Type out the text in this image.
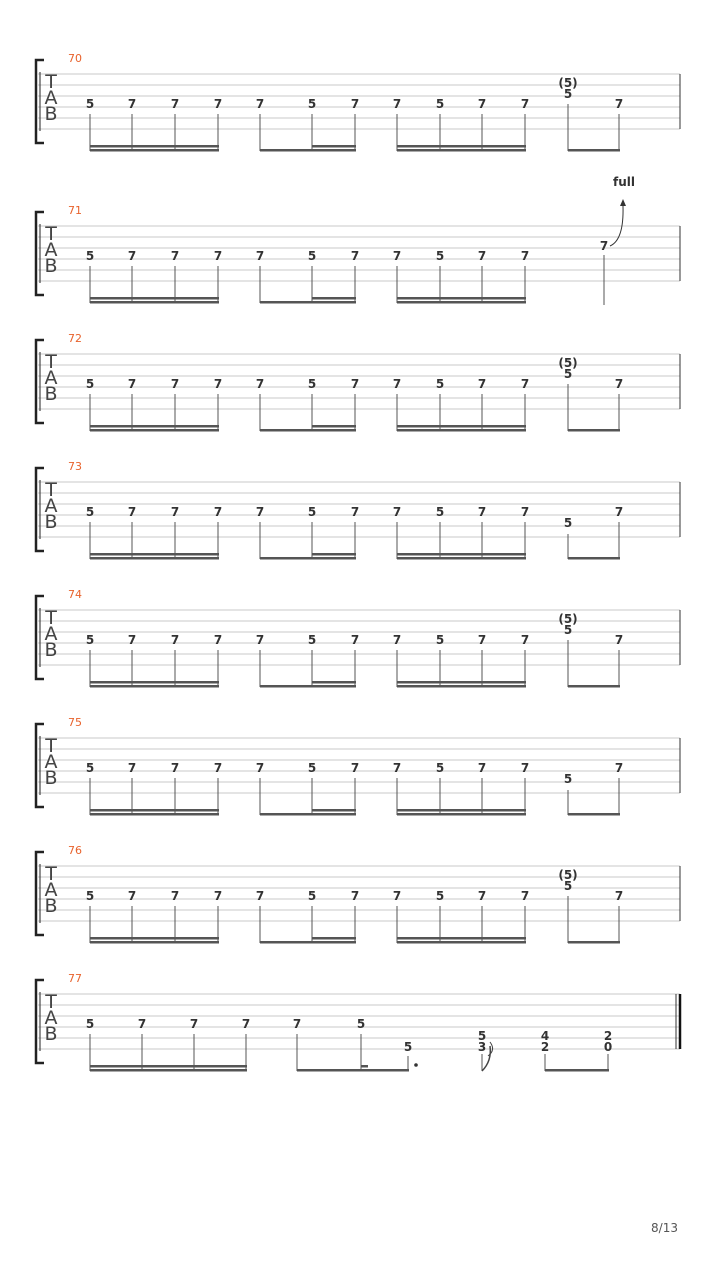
70
T
A
B 5	7	7	7	7	5	7	7	5	7	7
(5)
5
7
71
T
A
B 5	7	7	7	7	5	7	7	5	7	7
7
full
72
T
A
B 5	7	7	7	7	5	7	7	5	7	7
(5)
5
7
73
T
A
B 5	7	7	7	7	5	7	7	5	7	7
5
7
74
T
A
B 5	7	7	7	7	5	7	7	5	7	7
(5)
5
7
75
T
A
B 5	7	7	7	7	5	7	7	5	7	7
5
7
76
T
A
B 5	7	7	7	7	5	7	7	5	7	7
(5)
5
7
77
T
A
B 5	7	7	7	7	5
5
5
3
4
2
2
0
8/13
